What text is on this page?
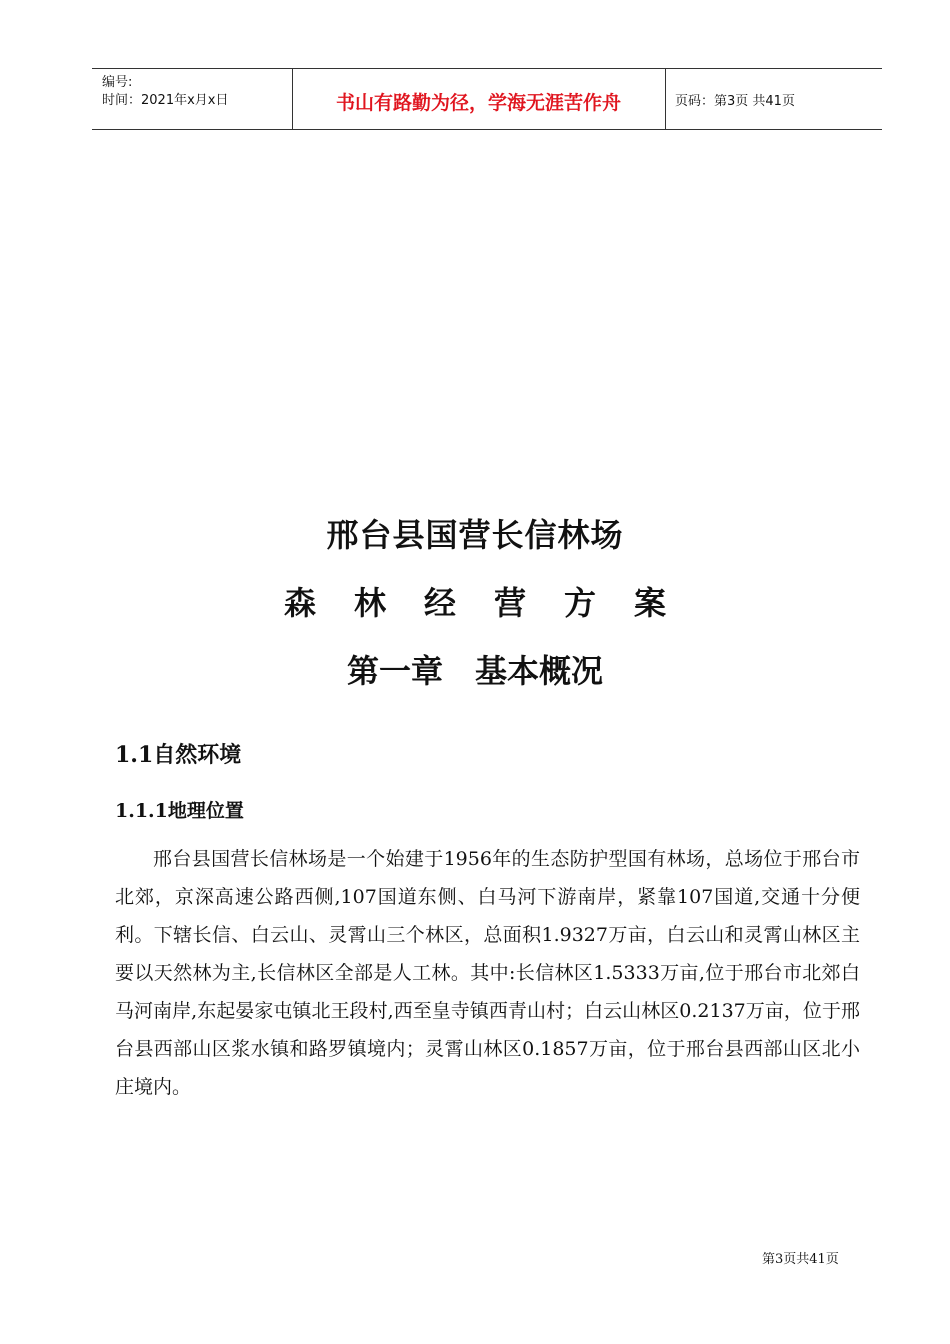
编号:
时间：2021年x月x日	书山有路勤为径，学海无涯苦作舟	页码：第3页 共41页
邢台县国营长信林场
森 林 经 营 方 案
第一章　基本概况
1.1自然环境
1.1.1地理位置

邢台县国营长信林场是一个始建于1956年的生态防护型国有林场，总场位于邢台市北郊，京深高速公路西侧,107国道东侧、白马河下游南岸，紧靠107国道,交通十分便利。下辖长信、白云山、灵霄山三个林区，总面积1.9327万亩，白云山和灵霄山林区主要以天然林为主,长信林区全部是人工林。其中:长信林区1.5333万亩,位于邢台市北郊白马河南岸,东起晏家屯镇北王段村,西至皇寺镇西青山村；白云山林区0.2137万亩，位于邢台县西部山区浆水镇和路罗镇境内；灵霄山林区0.1857万亩，位于邢台县西部山区北小庄境内。

第3页共41页
